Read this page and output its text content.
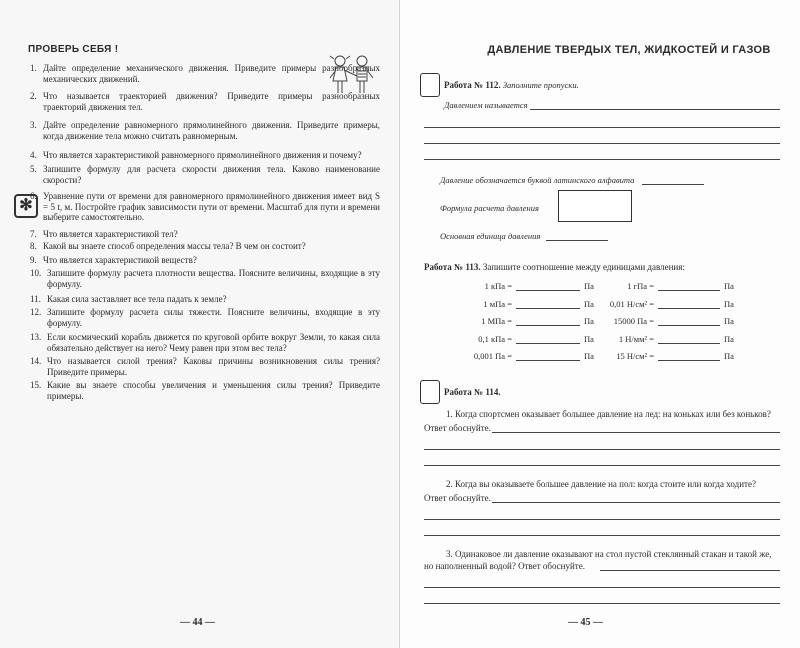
ПРОВЕРЬ СЕБЯ !
✻
1. Дайте определение механического движения. Приведите примеры разнообразных механических движений.
2. Что называется траекторией движения? Приведите примеры разнообразных траекторий движения тел.
3. Дайте определение равномерного прямолинейного движения. Приведите примеры, когда движение тела можно считать равномерным.
4. Что является характеристикой равномерного прямолинейного движения и почему?
5. Запишите формулу для расчета скорости движения тела. Каково наименование скорости?
6. Уравнение пути от времени для равномерного прямолинейного движения имеет вид S = 5 t, м. Постройте график зависимости пути от времени. Масштаб для пути и времени выберите самостоятельно.
7. Что является характеристикой тел?
8. Какой вы знаете способ определения массы тела? В чем он состоит?
9. Что является характеристикой веществ?
10. Запишите формулу расчета плотности вещества. Поясните величины, входящие в эту формулу.
11. Какая сила заставляет все тела падать к земле?
12. Запишите формулу расчета силы тяжести. Поясните величины, входящие в эту формулу.
13. Если космический корабль движется по круговой орбите вокруг Земли, то какая сила обязательно действует на него? Чему равен при этом вес тела?
14. Что называется силой трения? Каковы причины возникновения силы трения? Приведите примеры.
15. Какие вы знаете способы увеличения и уменьшения силы трения? Приведите примеры.
— 44 —
ДАВЛЕНИЕ ТВЕРДЫХ ТЕЛ, ЖИДКОСТЕЙ И ГАЗОВ
Работа № 112. Заполните пропуски.
Давлением называется
Давление обозначается буквой латинского алфавита
Формула расчета давления
Основная единица давления
Работа № 113. Запишите соотношение между единицами давления:
1 кПа =	Па	1 гПа =	Па
1 мПа =	Па	0,01 Н/см² =	Па
1 МПа =	Па	15000 Па =	Па
0,1 кПа =	Па	1 Н/мм² =	Па
0,001 Па =	Па	15 Н/см² =	Па
Работа № 114.
1. Когда спортсмен оказывает большее давление на лед: на коньках или без коньков?
Ответ обоснуйте.
2. Когда вы оказываете большее давление на пол: когда стоите или когда ходите?
Ответ обоснуйте.
3. Одинаковое ли давление оказывают на стол пустой стеклянный стакан и такой же,
но наполненный водой? Ответ обоснуйте.
— 45 —
